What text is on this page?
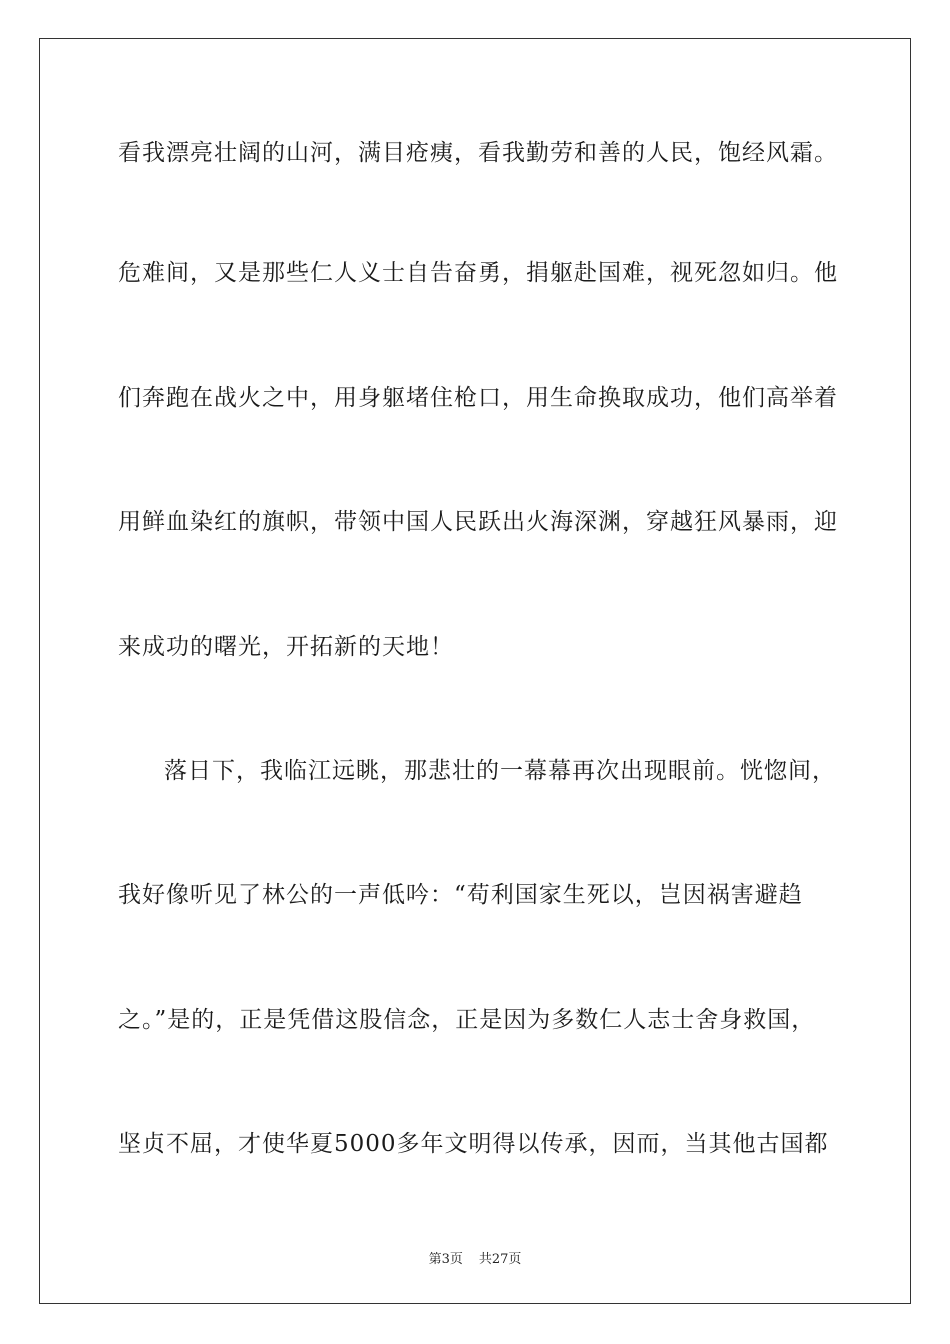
看我漂亮壮阔的山河，满目疮痍，看我勤劳和善的人民，饱经风霜。
危难间，又是那些仁人义士自告奋勇，捐躯赴国难，视死忽如归。他
们奔跑在战火之中，用身躯堵住枪口，用生命换取成功，他们高举着
用鲜血染红的旗帜，带领中国人民跃出火海深渊，穿越狂风暴雨，迎
来成功的曙光，开拓新的天地！
落日下，我临江远眺，那悲壮的一幕幕再次出现眼前。恍惚间，
我好像听见了林公的一声低吟：“苟利国家生死以，岂因祸害避趋
之。”是的，正是凭借这股信念，正是因为多数仁人志士舍身救国，
坚贞不屈，才使华夏5000多年文明得以传承，因而，当其他古国都
第3页 共27页
